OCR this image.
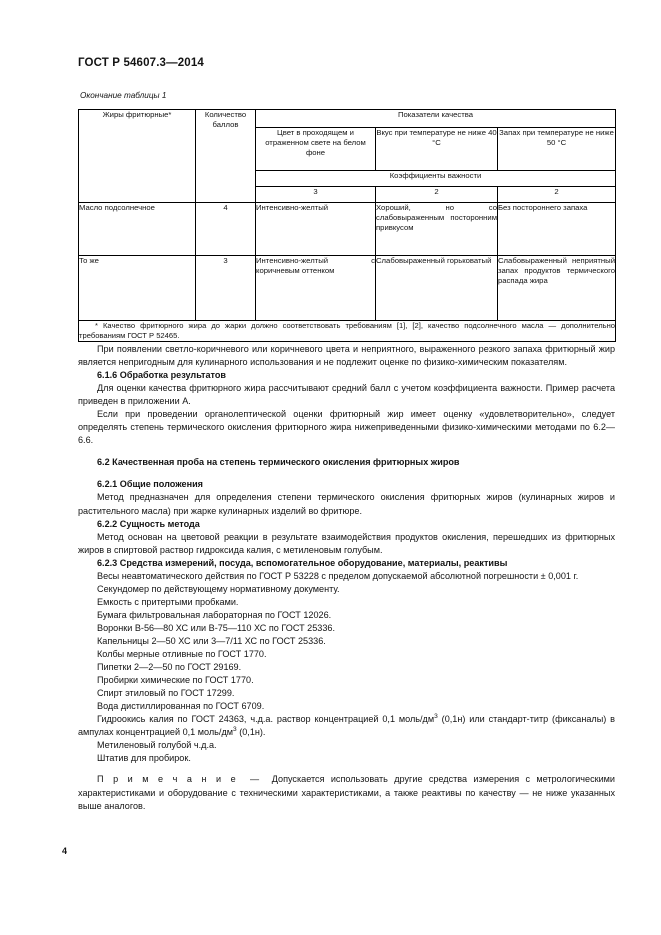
ГОСТ Р 54607.3—2014
Окончание таблицы 1
Жиры фритюрные*	Количество баллов	Показатели качества		
		Цвет в проходящем и отраженном свете на белом фоне	Вкус при температуре не ниже 40 °С	Запах при температуре не ниже 50 °С
		Коэффициенты важности		
		3	2	2
Масло подсолнечное	4	Интенсивно-желтый	Хороший, но со слабовыраженным посторонним привкусом	Без постороннего запаха
То же	3	Интенсивно-желтый с коричневым оттенком	Слабовыраженный горьковатый	Слабовыраженный неприятный запах продуктов термического распада жира
* Качество фритюрного жира до жарки должно соответствовать требованиям [1], [2], качество подсолнечного масла — дополнительно требованиям ГОСТ Р 52465.				

При появлении светло-коричневого или коричневого цвета и неприятного, выраженного резкого запаха фритюрный жир является непригодным для кулинарного использования и не подлежит оценке по физико-химическим показателям.

6.1.6 Обработка результатов

Для оценки качества фритюрного жира рассчитывают средний балл с учетом коэффициента важности. Пример расчета приведен в приложении А.

Если при проведении органолептической оценки фритюрный жир имеет оценку «удовлетворительно», следует определять степень термического окисления фритюрного жира нижеприведенными физико-химическими методами по 6.2—6.6.

6.2 Качественная проба на степень термического окисления фритюрных жиров
6.2.1 Общие положения

Метод предназначен для определения степени термического окисления фритюрных жиров (кулинарных жиров и растительного масла) при жарке кулинарных изделий во фритюре.

6.2.2 Сущность метода

Метод основан на цветовой реакции в результате взаимодействия продуктов окисления, перешедших из фритюрных жиров в спиртовой раствор гидроксида калия, с метиленовым голубым.

6.2.3 Средства измерений, посуда, вспомогательное оборудование, материалы, реактивы

Весы неавтоматического действия по ГОСТ Р 53228 с пределом допускаемой абсолютной погрешности ± 0,001 г.

Секундомер по действующему нормативному документу.

Емкость с притертыми пробками.

Бумага фильтровальная лабораторная по ГОСТ 12026.

Воронки В-56—80 ХС или В-75—110 ХС по ГОСТ 25336.

Капельницы 2—50 ХС или 3—7/11 ХС по ГОСТ 25336.

Колбы мерные отливные по ГОСТ 1770.

Пипетки 2—2—50 по ГОСТ 29169.

Пробирки химические по ГОСТ 1770.

Спирт этиловый по ГОСТ 17299.

Вода дистиллированная по ГОСТ 6709.

Гидроокись калия по ГОСТ 24363, ч.д.а. раствор концентрацией 0,1 моль/$дм^3$ (0,1н) или стандарт-титр (фиксаналы) в ампулах концентрацией 0,1 моль/$дм^3$ (0,1н).

Метиленовый голубой ч.д.а.

Штатив для пробирок.

П р и м е ч а н и е — Допускается использовать другие средства измерения с метрологическими характеристиками и оборудование с техническими характеристиками, а также реактивы по качеству — не ниже указанных выше аналогов.

4
